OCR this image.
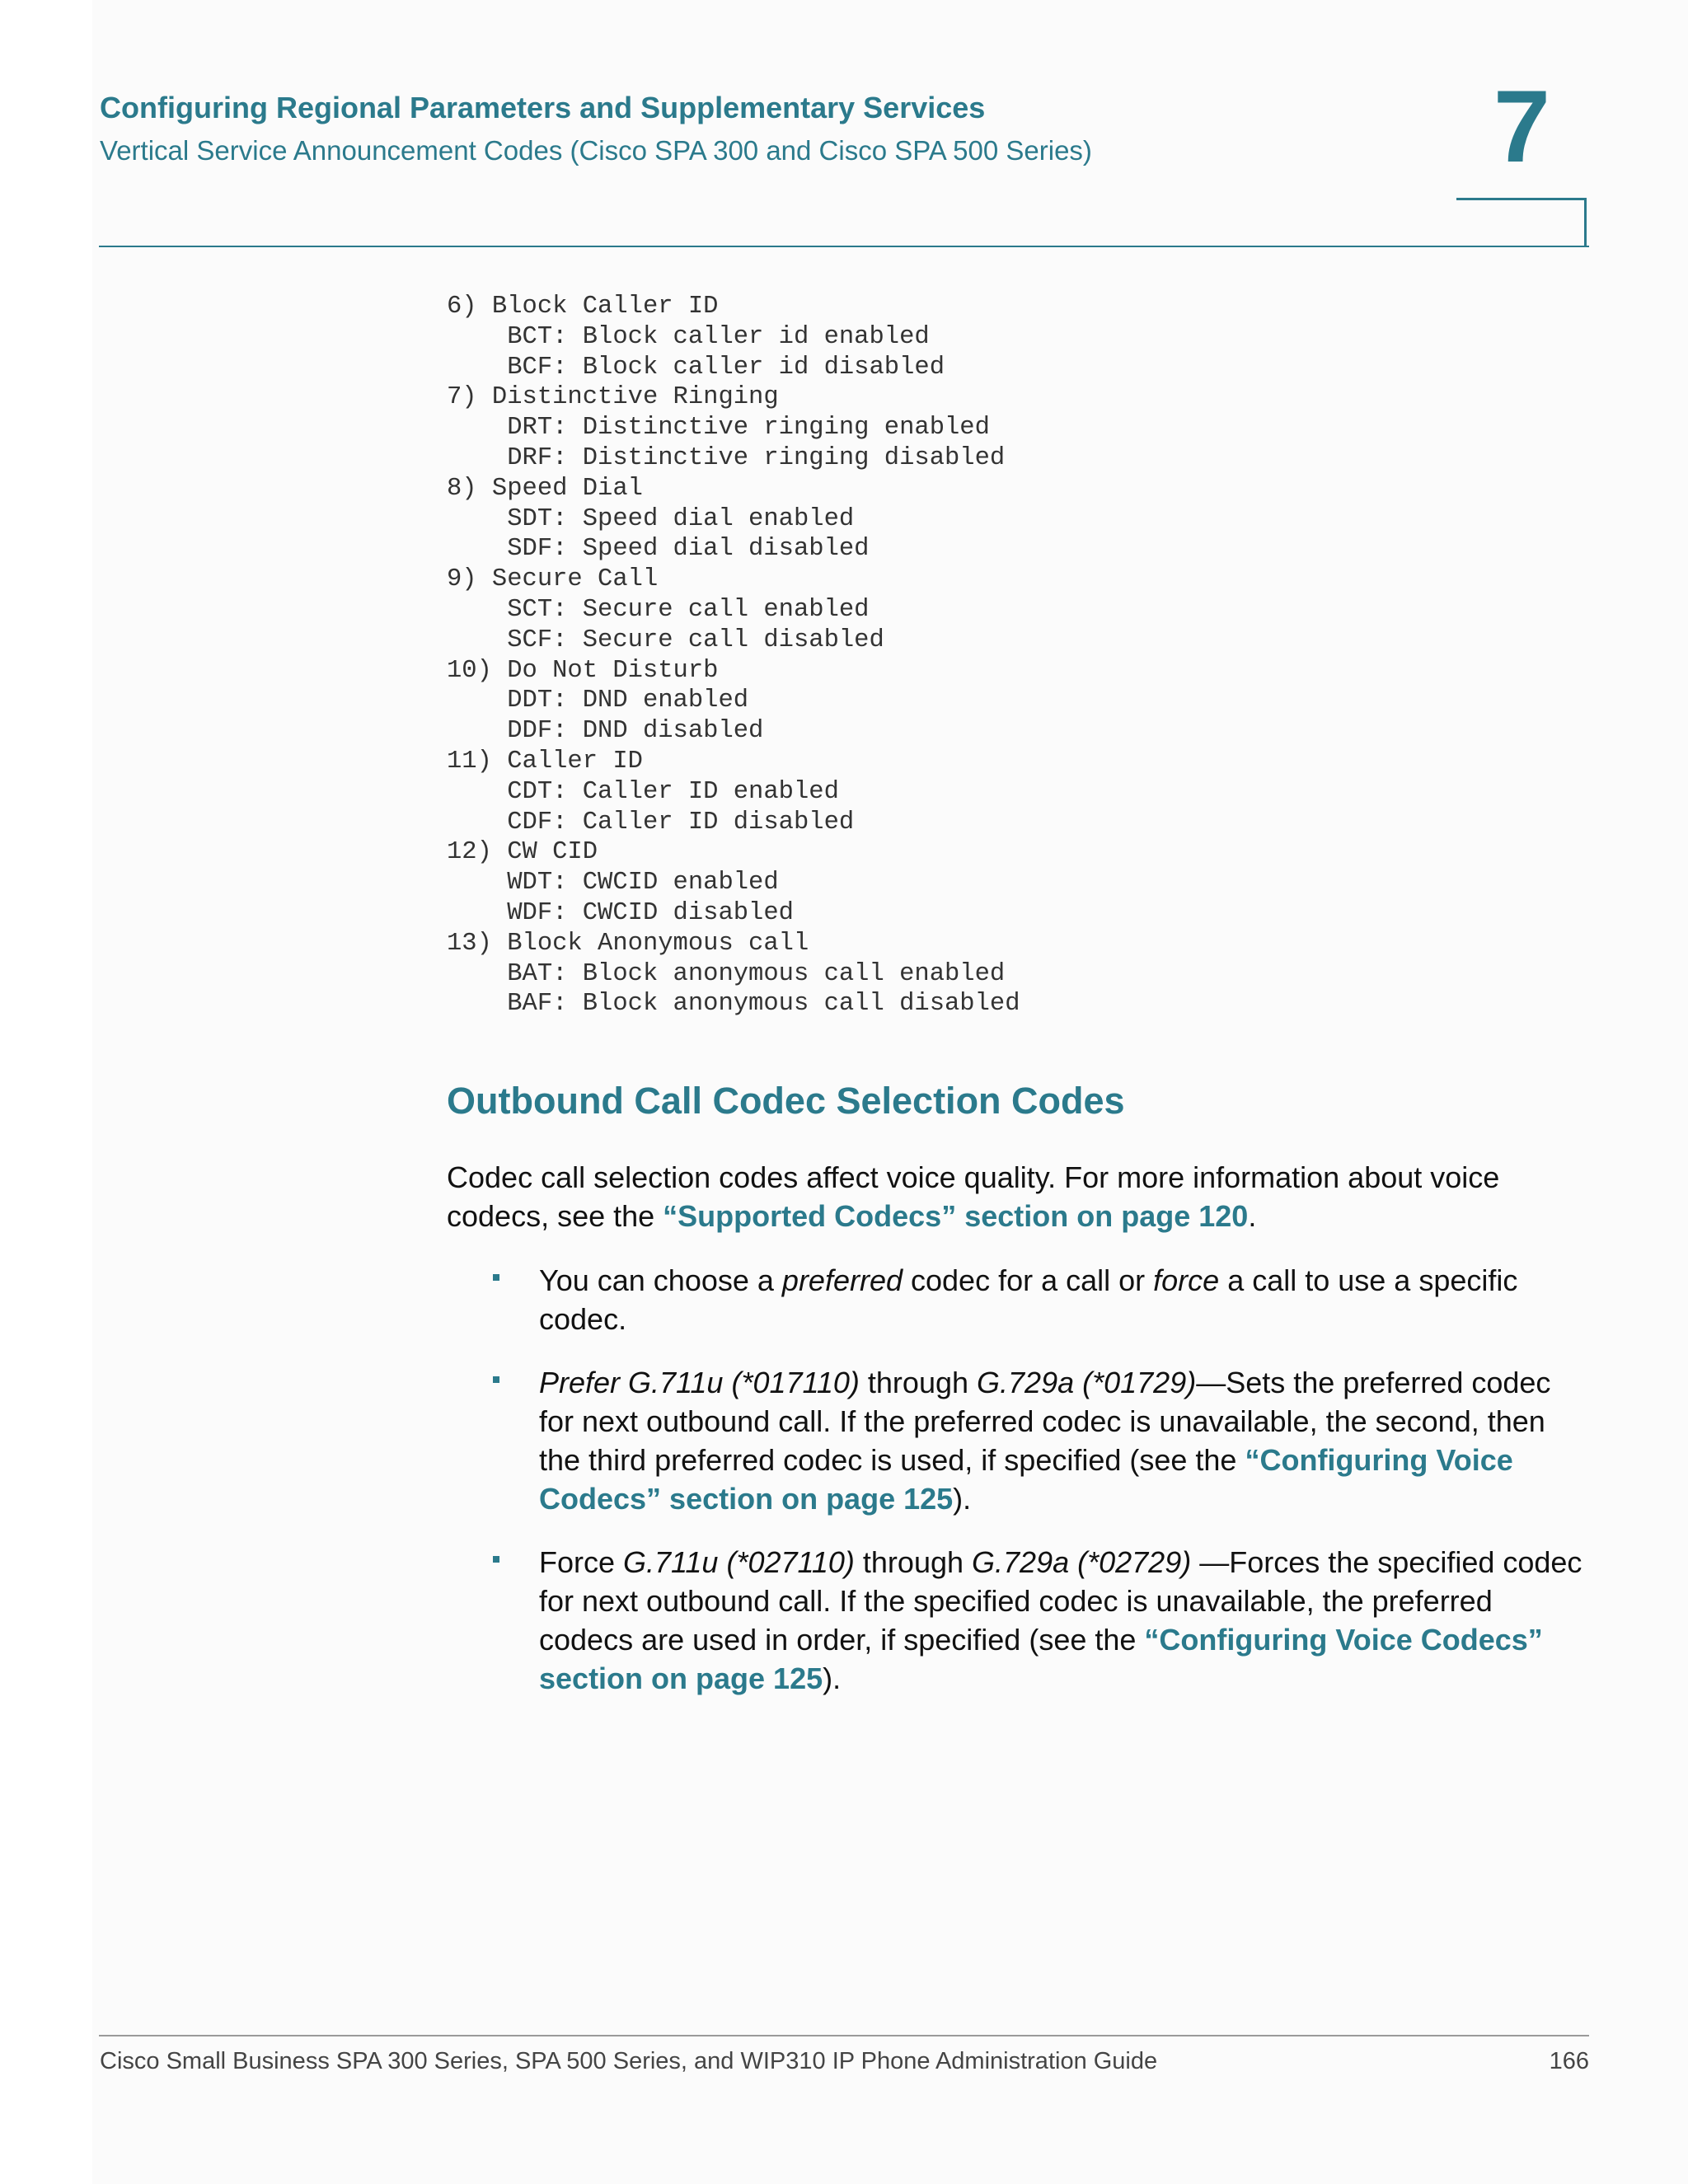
Configuring Regional Parameters and Supplementary Services
Vertical Service Announcement Codes (Cisco SPA 300 and Cisco SPA 500 Series)	7
6) Block Caller ID
BCT: Block caller id enabled
BCF: Block caller id disabled
7) Distinctive Ringing
DRT: Distinctive ringing enabled
DRF: Distinctive ringing disabled
8) Speed Dial
SDT: Speed dial enabled
SDF: Speed dial disabled
9) Secure Call
SCT: Secure call enabled
SCF: Secure call disabled
10) Do Not Disturb
DDT: DND enabled
DDF: DND disabled
11) Caller ID
CDT: Caller ID enabled
CDF: Caller ID disabled
12) CW CID
WDT: CWCID enabled
WDF: CWCID disabled
13) Block Anonymous call
BAT: Block anonymous call enabled
BAF: Block anonymous call disabled
Outbound Call Codec Selection Codes

Codec call selection codes affect voice quality. For more information about voice codecs, see the “Supported Codecs” section on page 120.

You can choose a preferred codec for a call or force a call to use a specific codec.
Prefer G.711u (*017110) through G.729a (*01729)—Sets the preferred codec for next outbound call. If the preferred codec is unavailable, the second, then the third preferred codec is used, if specified (see the “Configuring Voice Codecs” section on page 125).
Force G.711u (*027110) through G.729a (*02729) —Forces the specified codec for next outbound call. If the specified codec is unavailable, the preferred codecs are used in order, if specified (see the “Configuring Voice Codecs” section on page 125).
Cisco Small Business SPA 300 Series, SPA 500 Series, and WIP310 IP Phone Administration Guide	166
